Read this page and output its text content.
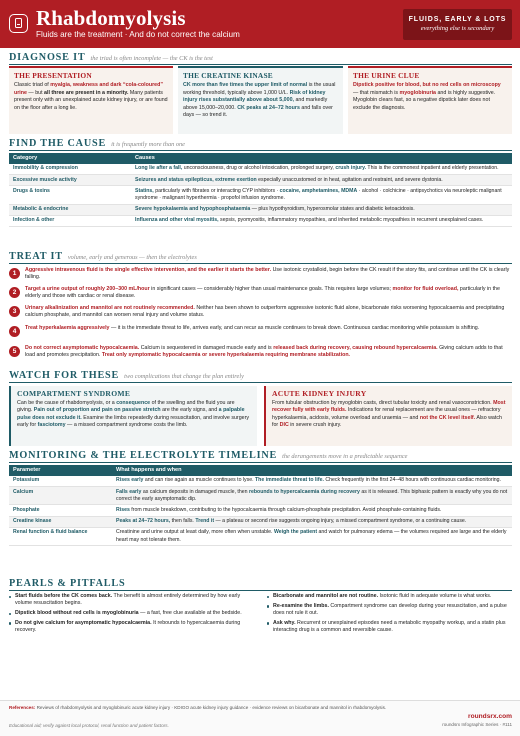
Rhabdomyolysis
Fluids are the treatment · And do not correct the calcium
FLUIDS, EARLY & LOTS
everything else is secondary
DIAGNOSE IT the triad is often incomplete — the CK is the test
THE PRESENTATION

Classic triad of myalgia, weakness and dark “cola-coloured” urine — but all three are present in a minority. Many patients present only with an unexplained acute kidney injury, or are found on the floor after a long lie.

THE CREATINE KINASE

CK more than five times the upper limit of normal is the usual working threshold, typically above 1,000 U/L. Risk of kidney injury rises substantially above about 5,000, and markedly above 15,000–20,000. CK peaks at 24–72 hours and falls over days — so trend it.

THE URINE CLUE

Dipstick positive for blood, but no red cells on microscopy — that mismatch is myoglobinuria and is highly suggestive. Myoglobin clears fast, so a negative dipstick later does not exclude the diagnosis.

FIND THE CAUSE it is frequently more than one
Category	Causes
Immobility & compression	Long lie after a fall, unconsciousness, drug or alcohol intoxication, prolonged surgery, crush injury. This is the commonest inpatient and elderly presentation.
Excessive muscle activity	Seizures and status epilepticus, extreme exertion especially unaccustomed or in heat, agitation and restraint, and severe dystonia.
Drugs & toxins	Statins, particularly with fibrates or interacting CYP inhibitors · cocaine, amphetamines, MDMA · alcohol · colchicine · antipsychotics via neuroleptic malignant syndrome · malignant hyperthermia · propofol infusion syndrome.
Metabolic & endocrine	Severe hypokalaemia and hypophosphataemia — plus hypothyroidism, hyperosmolar states and diabetic ketoacidosis.
Infection & other	Influenza and other viral myositis, sepsis, pyomyositis, inflammatory myopathies, and inherited metabolic myopathies in recurrent unexplained cases.
TREAT IT volume, early and generous — then the electrolytes
1	Aggressive intravenous fluid is the single effective intervention, and the earlier it starts the better. Use isotonic crystalloid, begin before the CK result if the story fits, and continue until the CK is clearly falling.
2	Target a urine output of roughly 200–300 mL/hour in significant cases — considerably higher than usual maintenance goals. This requires large volumes; monitor for fluid overload, particularly in the elderly and those with cardiac or renal disease.
3	Urinary alkalinization and mannitol are not routinely recommended. Neither has been shown to outperform aggressive isotonic fluid alone, bicarbonate risks worsening hypocalcaemia and precipitating calcium phosphate, and mannitol can worsen renal injury and volume status.
4	Treat hyperkalaemia aggressively — it is the immediate threat to life, arrives early, and can recur as muscle continues to break down. Continuous cardiac monitoring while potassium is shifting.
5	Do not correct asymptomatic hypocalcaemia. Calcium is sequestered in damaged muscle early and is released back during recovery, causing rebound hypercalcaemia. Giving calcium adds to that load and promotes precipitation. Treat only symptomatic hypocalcaemia or severe hyperkalaemia requiring membrane stabilization.
WATCH FOR THESE two complications that change the plan entirely
COMPARTMENT SYNDROME

Can be the cause of rhabdomyolysis, or a consequence of the swelling and the fluid you are giving. Pain out of proportion and pain on passive stretch are the early signs, and a palpable pulse does not exclude it. Examine the limbs repeatedly during resuscitation, and involve surgery early for fasciotomy — a missed compartment syndrome costs the limb.

ACUTE KIDNEY INJURY

From tubular obstruction by myoglobin casts, direct tubular toxicity and renal vasoconstriction. Most recover fully with early fluids. Indications for renal replacement are the usual ones — refractory hyperkalaemia, acidosis, volume overload and uraemia — and not the CK level itself. Also watch for DIC in severe crush injury.

MONITORING & THE ELECTROLYTE TIMELINE the derangements move in a predictable sequence
Parameter	What happens and when
Potassium	Rises early and can rise again as muscle continues to lyse. The immediate threat to life. Check frequently in the first 24–48 hours with continuous cardiac monitoring.
Calcium	Falls early as calcium deposits in damaged muscle, then rebounds to hypercalcaemia during recovery as it is released. This biphasic pattern is exactly why you do not correct the early asymptomatic dip.
Phosphate	Rises from muscle breakdown, contributing to the hypocalcaemia through calcium-phosphate precipitation. Avoid phosphate-containing fluids.
Creatine kinase	Peaks at 24–72 hours, then falls. Trend it — a plateau or second rise suggests ongoing injury, a missed compartment syndrome, or a continuing cause.
Renal function & fluid balance	Creatinine and urine output at least daily, more often when unstable. Weigh the patient and watch for pulmonary edema — the volumes required are large and the elderly heart may not tolerate them.
PEARLS & PITFALLS
Start fluids before the CK comes back. The benefit is almost entirely determined by how early volume resuscitation begins.
Dipstick blood without red cells is myoglobinuria — a fast, free clue available at the bedside.
Do not give calcium for asymptomatic hypocalcaemia. It rebounds to hypercalcaemia during recovery.
Bicarbonate and mannitol are not routine. Isotonic fluid in adequate volume is what works.
Re-examine the limbs. Compartment syndrome can develop during your resuscitation, and a pulse does not rule it out.
Ask why. Recurrent or unexplained episodes need a metabolic myopathy workup, and a statin plus interacting drug is a common and reversible cause.
References: Reviews of rhabdomyolysis and myoglobinuric acute kidney injury · KDIGO acute kidney injury guidance · evidence reviews on bicarbonate and mannitol in rhabdomyolysis.
Educational aid; verify against local protocol, renal function and patient factors.
roundsrx.com
roundsrx Infographic Series · #111
